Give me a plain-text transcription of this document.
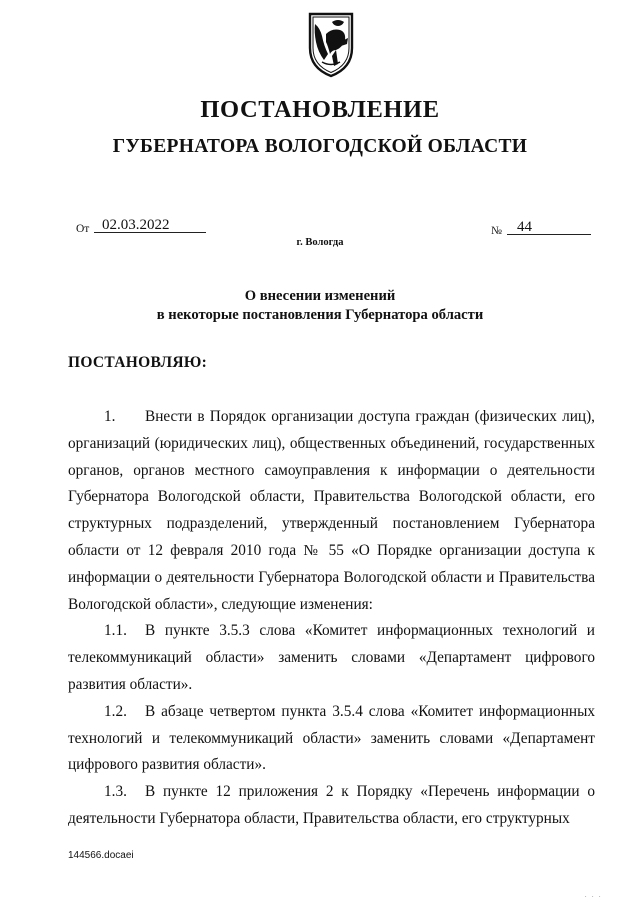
ПОСТАНОВЛЕНИЕ
ГУБЕРНАТОРА ВОЛОГОДСКОЙ ОБЛАСТИ
От 02.03.2022	№	44
г. Вологда
О внесении изменений
в некоторые постановления Губернатора области
ПОСТАНОВЛЯЮ:

1. Внести в Порядок организации доступа граждан (физических лиц), организаций (юридических лиц), общественных объединений, государственных органов, органов местного самоуправления к информации о деятельности Губернатора Вологодской области, Правительства Вологодской области, его структурных подразделений, утвержденный постановлением Губернатора области от 12 февраля 2010 года № 55 «О Порядке организации доступа к информации о деятельности Губернатора Вологодской области и Правительства Вологодской области», следующие изменения:

1.1. В пункте 3.5.3 слова «Комитет информационных технологий и телекоммуникаций области» заменить словами «Департамент цифрового развития области».

1.2. В абзаце четвертом пункта 3.5.4 слова «Комитет информационных технологий и телекоммуникаций области» заменить словами «Департамент цифрового развития области».

1.3. В пункте 12 приложения 2 к Порядку «Перечень информации о деятельности Губернатора области, Правительства области, его структурных

144566.docaei
. . .
